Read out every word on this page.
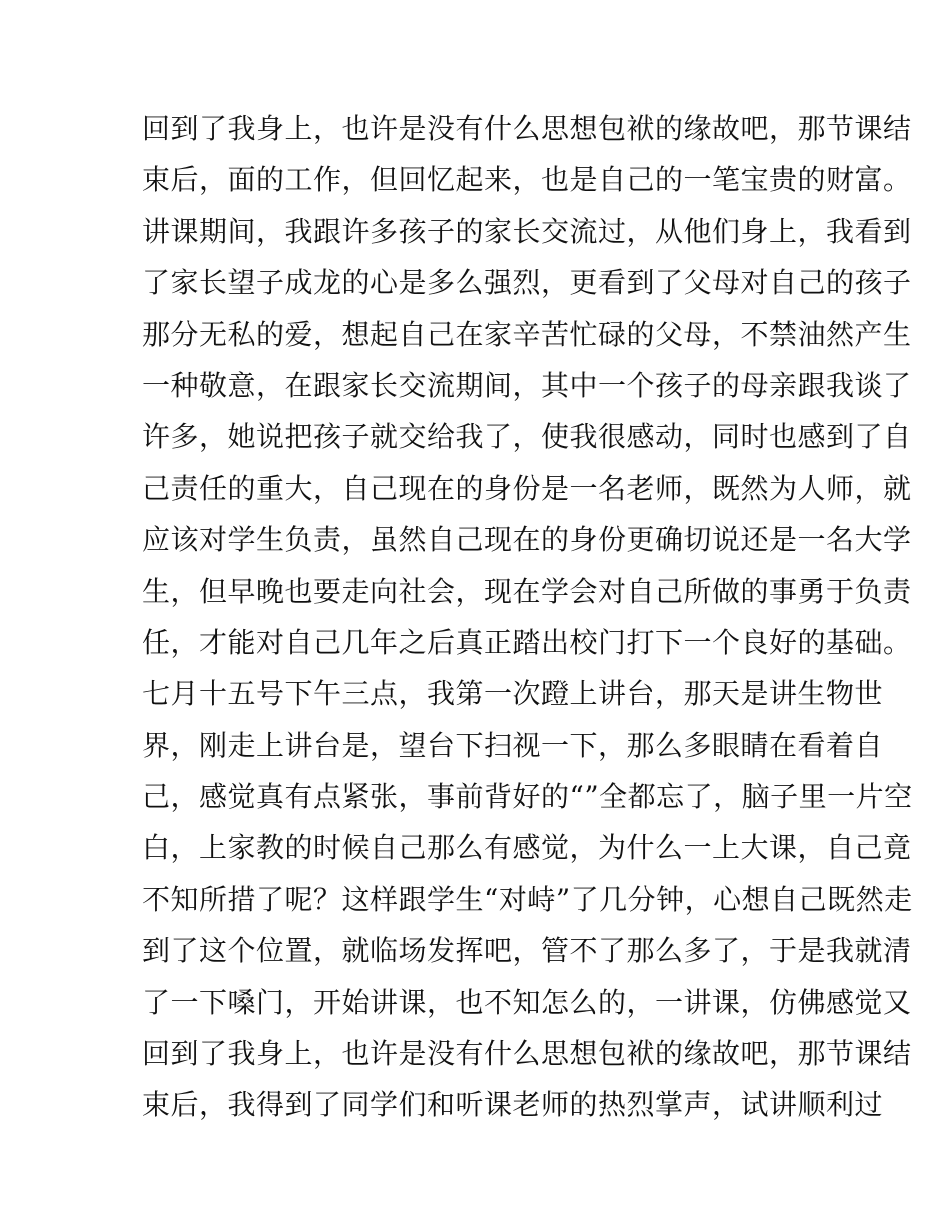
回到了我身上，也许是没有什么思想包袱的缘故吧，那节课结
束后，面的工作，但回忆起来，也是自己的一笔宝贵的财富。
讲课期间，我跟许多孩子的家长交流过，从他们身上，我看到
了家长望子成龙的心是多么强烈，更看到了父母对自己的孩子
那分无私的爱，想起自己在家辛苦忙碌的父母，不禁油然产生
一种敬意，在跟家长交流期间，其中一个孩子的母亲跟我谈了
许多，她说把孩子就交给我了，使我很感动，同时也感到了自
己责任的重大，自己现在的身份是一名老师，既然为人师，就
应该对学生负责，虽然自己现在的身份更确切说还是一名大学
生，但早晚也要走向社会，现在学会对自己所做的事勇于负责
任，才能对自己几年之后真正踏出校门打下一个良好的基础。
七月十五号下午三点，我第一次蹬上讲台，那天是讲生物世
界，刚走上讲台是，望台下扫视一下，那么多眼睛在看着自
己，感觉真有点紧张，事前背好的“”全都忘了，脑子里一片空
白，上家教的时候自己那么有感觉，为什么一上大课，自己竟
不知所措了呢？这样跟学生“对峙”了几分钟，心想自己既然走
到了这个位置，就临场发挥吧，管不了那么多了，于是我就清
了一下嗓门，开始讲课，也不知怎么的，一讲课，仿佛感觉又
回到了我身上，也许是没有什么思想包袱的缘故吧，那节课结
束后，我得到了同学们和听课老师的热烈掌声，试讲顺利过
